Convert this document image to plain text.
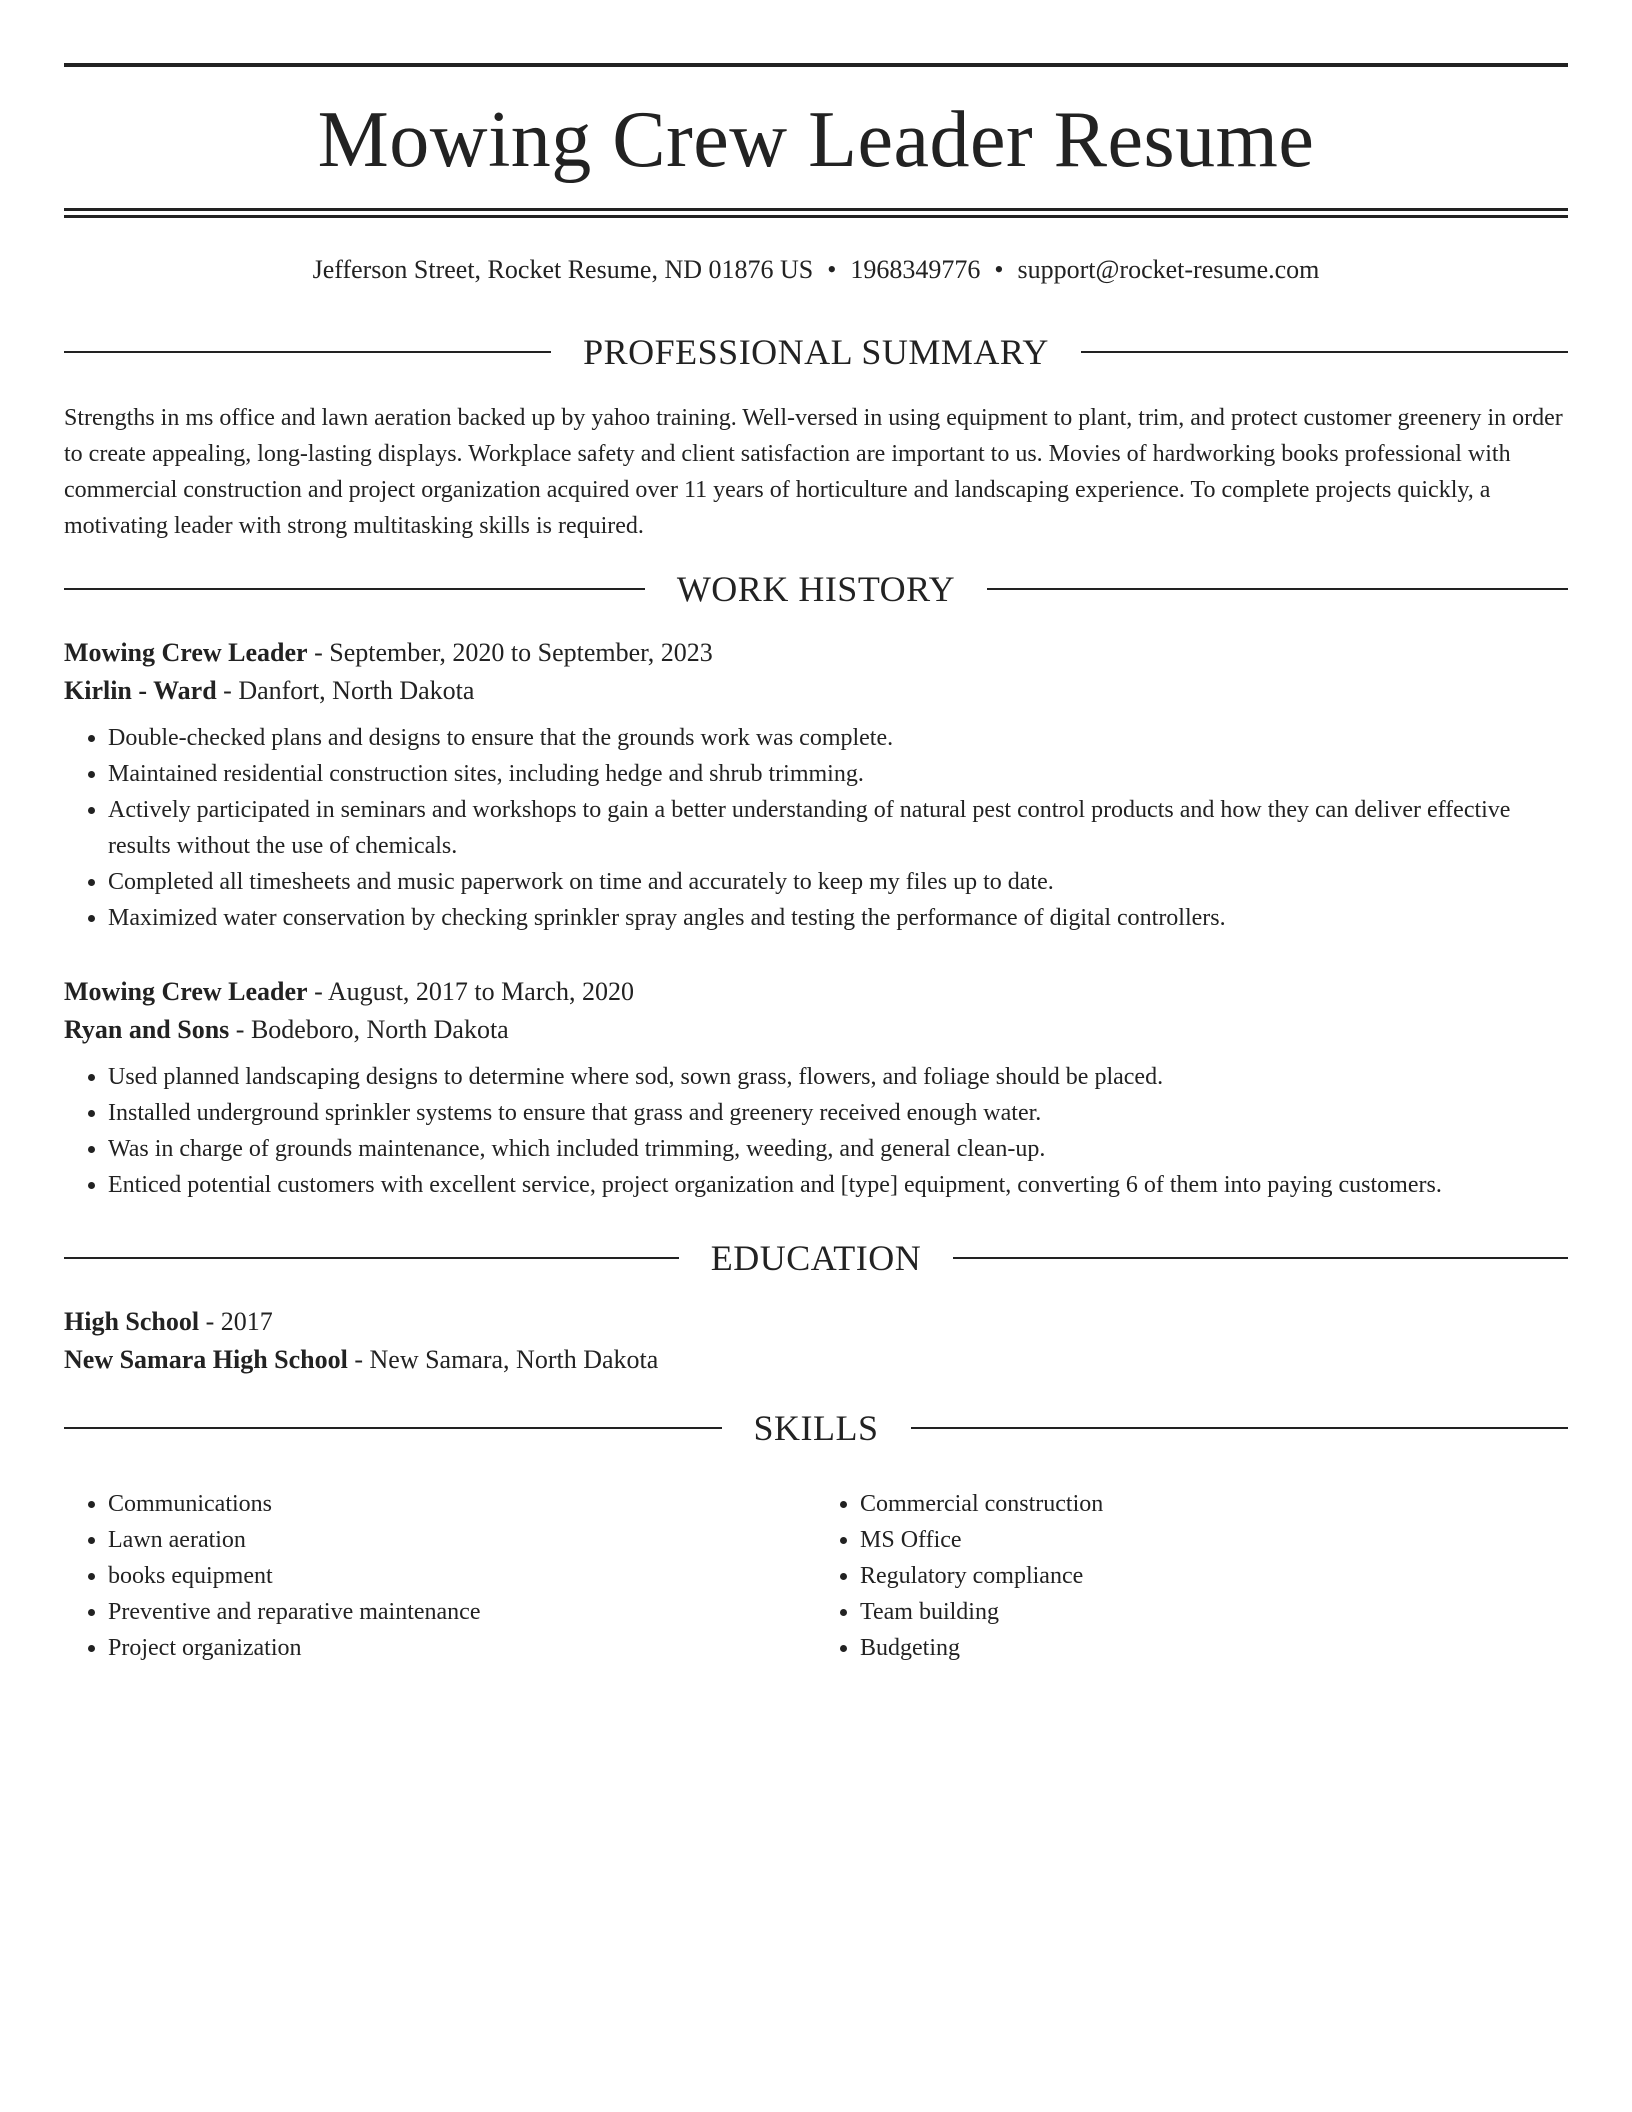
Mowing Crew Leader Resume
Jefferson Street, Rocket Resume, ND 01876 US • 1968349776 • support@rocket-resume.com
PROFESSIONAL SUMMARY

Strengths in ms office and lawn aeration backed up by yahoo training. Well-versed in using equipment to plant, trim, and protect customer greenery in order to create appealing, long-lasting displays. Workplace safety and client satisfaction are important to us. Movies of hardworking books professional with commercial construction and project organization acquired over 11 years of horticulture and landscaping experience. To complete projects quickly, a motivating leader with strong multitasking skills is required.

WORK HISTORY

Mowing Crew Leader - September, 2020 to September, 2023

Kirlin - Ward - Danfort, North Dakota

• Double-checked plans and designs to ensure that the grounds work was complete.
• Maintained residential construction sites, including hedge and shrub trimming.
• Actively participated in seminars and workshops to gain a better understanding of natural pest control products and how they can deliver effective results without the use of chemicals.
• Completed all timesheets and music paperwork on time and accurately to keep my files up to date.
• Maximized water conservation by checking sprinkler spray angles and testing the performance of digital controllers.

Mowing Crew Leader - August, 2017 to March, 2020

Ryan and Sons - Bodeboro, North Dakota

• Used planned landscaping designs to determine where sod, sown grass, flowers, and foliage should be placed.
• Installed underground sprinkler systems to ensure that grass and greenery received enough water.
• Was in charge of grounds maintenance, which included trimming, weeding, and general clean-up.
• Enticed potential customers with excellent service, project organization and [type] equipment, converting 6 of them into paying customers.
EDUCATION

High School - 2017

New Samara High School - New Samara, North Dakota

SKILLS
• Communications
• Lawn aeration
• books equipment
• Preventive and reparative maintenance
• Project organization
• Commercial construction
• MS Office
• Regulatory compliance
• Team building
• Budgeting
